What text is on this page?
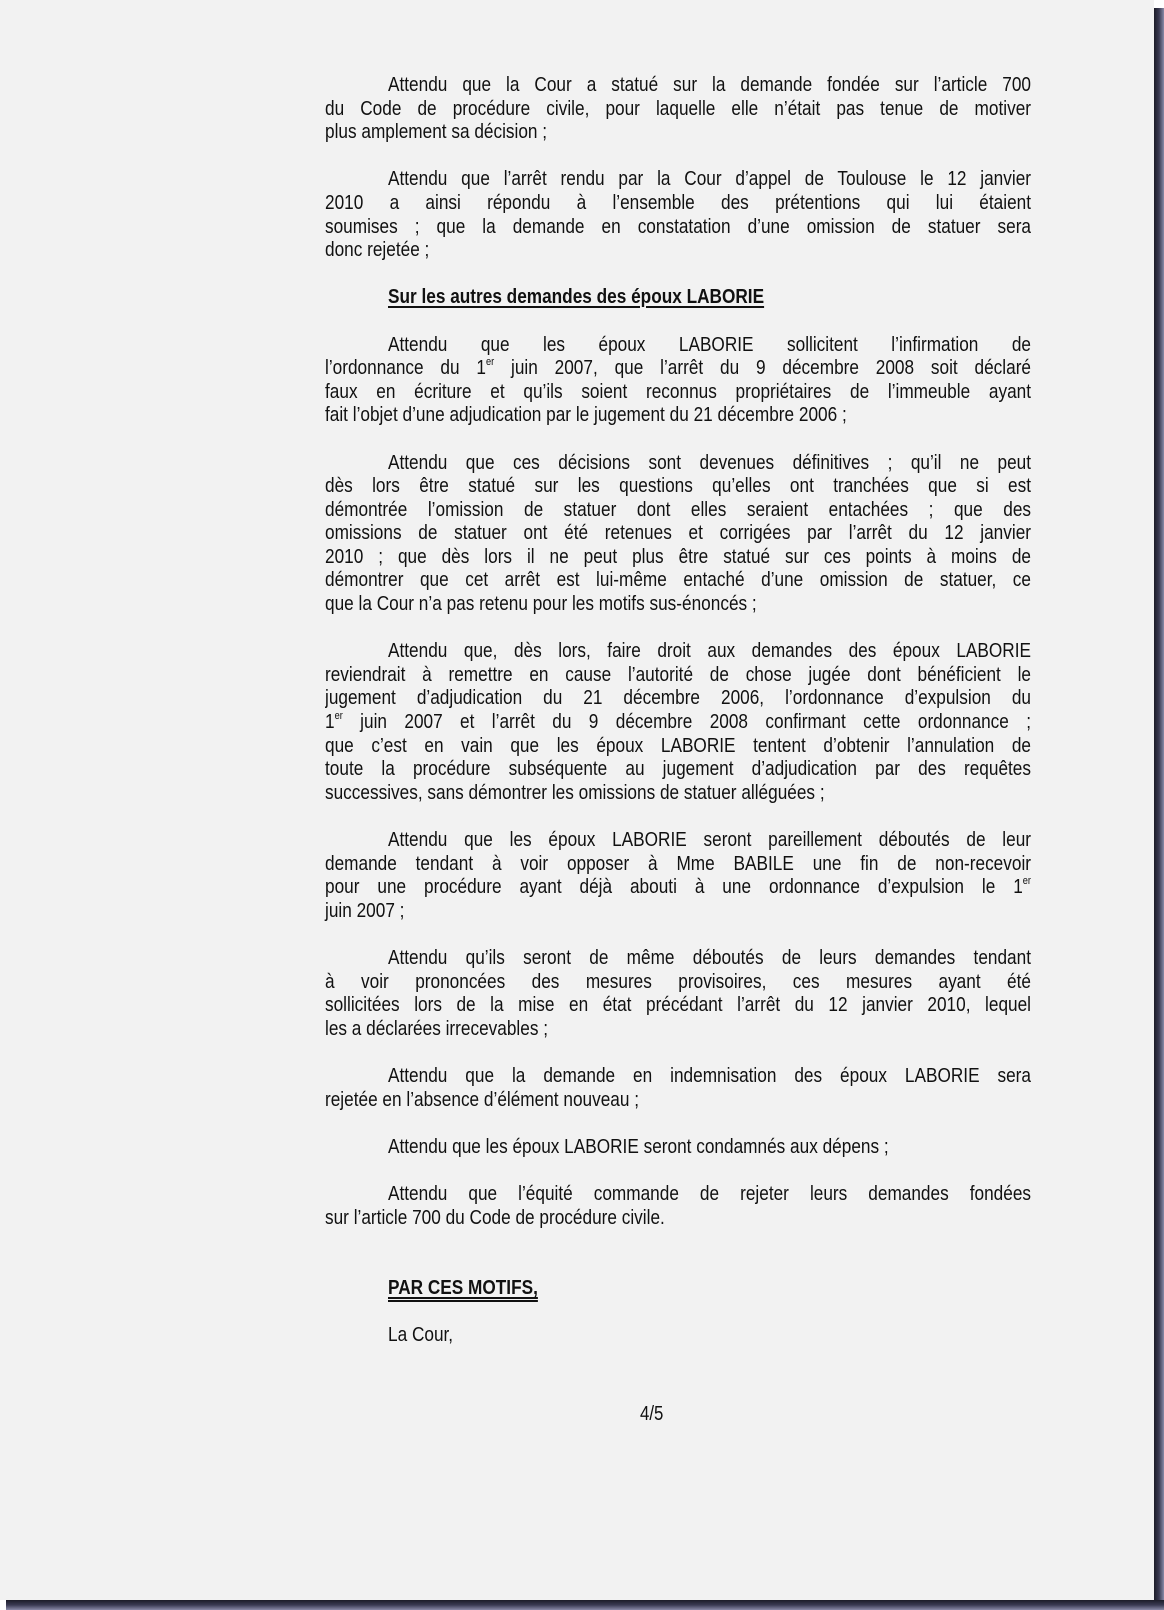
Attendu que la Cour a statué sur la demande fondée sur l’article 700
du Code de procédure civile, pour laquelle elle n’était pas tenue de motiver
plus amplement sa décision ;
Attendu que l’arrêt rendu par la Cour d’appel de Toulouse le 12 janvier
2010 a ainsi répondu à l’ensemble des prétentions qui lui étaient
soumises ; que la demande en constatation d’une omission de statuer sera
donc rejetée ;
Sur les autres demandes des époux LABORIE
Attendu que les époux LABORIE sollicitent l’infirmation de
l’ordonnance du 1er juin 2007, que l’arrêt du 9 décembre 2008 soit déclaré
faux en écriture et qu’ils soient reconnus propriétaires de l’immeuble ayant
fait l’objet d’une adjudication par le jugement du 21 décembre 2006 ;
Attendu que ces décisions sont devenues définitives ; qu’il ne peut
dès lors être statué sur les questions qu’elles ont tranchées que si est
démontrée l’omission de statuer dont elles seraient entachées ; que des
omissions de statuer ont été retenues et corrigées par l’arrêt du 12 janvier
2010 ; que dès lors il ne peut plus être statué sur ces points à moins de
démontrer que cet arrêt est lui-même entaché d’une omission de statuer, ce
que la Cour n’a pas retenu pour les motifs sus-énoncés ;
Attendu que, dès lors, faire droit aux demandes des époux LABORIE
reviendrait à remettre en cause l’autorité de chose jugée dont bénéficient le
jugement d’adjudication du 21 décembre 2006, l’ordonnance d’expulsion du
1er juin 2007 et l’arrêt du 9 décembre 2008 confirmant cette ordonnance ;
que c’est en vain que les époux LABORIE tentent d’obtenir l’annulation de
toute la procédure subséquente au jugement d’adjudication par des requêtes
successives, sans démontrer les omissions de statuer alléguées ;
Attendu que les époux LABORIE seront pareillement déboutés de leur
demande tendant à voir opposer à Mme BABILE une fin de non-recevoir
pour une procédure ayant déjà abouti à une ordonnance d’expulsion le 1er
juin 2007 ;
Attendu qu’ils seront de même déboutés de leurs demandes tendant
à voir prononcées des mesures provisoires, ces mesures ayant été
sollicitées lors de la mise en état précédant l’arrêt du 12 janvier 2010, lequel
les a déclarées irrecevables ;
Attendu que la demande en indemnisation des époux LABORIE sera
rejetée en l’absence d’élément nouveau ;
Attendu que les époux LABORIE seront condamnés aux dépens ;
Attendu que l’équité commande de rejeter leurs demandes fondées
sur l’article 700 du Code de procédure civile.
PAR CES MOTIFS,
La Cour,
4/5
